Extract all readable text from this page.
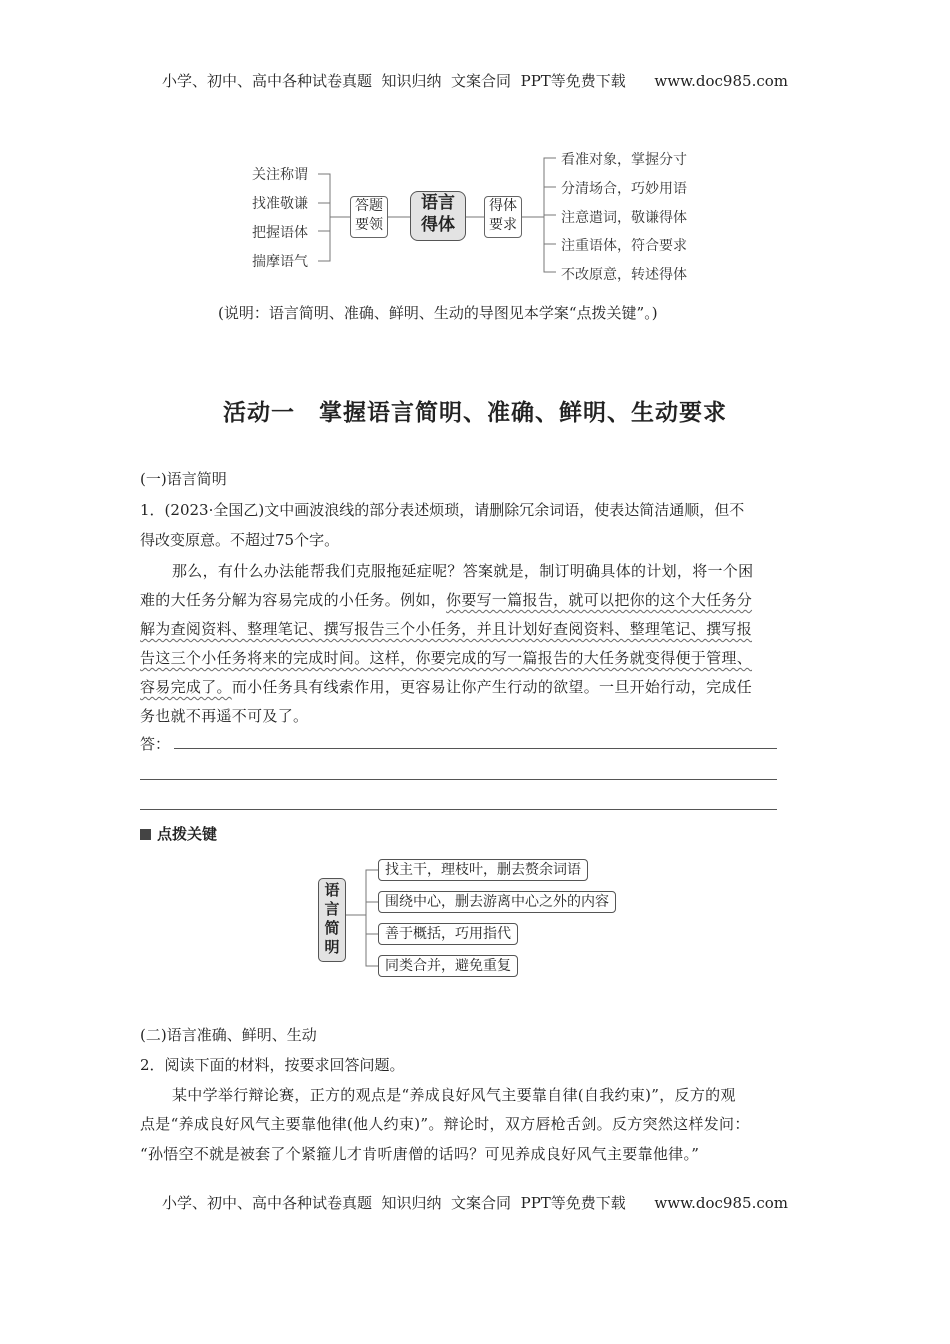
小学、初中、高中各种试卷真题  知识归纳  文案合同  PPT等免费下载      www.doc985.com
关注称谓
找准敬谦
把握语体
揣摩语气
答题
要领
语言
得体
得体
要求
看准对象，掌握分寸
分清场合，巧妙用语
注意遣词，敬谦得体
注重语体，符合要求
不改原意，转述得体
(说明：语言简明、准确、鲜明、生动的导图见本学案“点拨关键”。)
活动一　掌握语言简明、准确、鲜明、生动要求
(一)语言简明
1．(2023·全国乙)文中画波浪线的部分表述烦琐，请删除冗余词语，使表达简洁通顺，但不
得改变原意。不超过75个字。
那么，有什么办法能帮我们克服拖延症呢？答案就是，制订明确具体的计划，将一个困
难的大任务分解为容易完成的小任务。例如，你要写一篇报告，就可以把你的这个大任务分
解为查阅资料、整理笔记、撰写报告三个小任务，并且计划好查阅资料、整理笔记、撰写报
告这三个小任务将来的完成时间。这样，你要完成的写一篇报告的大任务就变得便于管理、
容易完成了。而小任务具有线索作用，更容易让你产生行动的欲望。一旦开始行动，完成任
务也就不再遥不可及了。
答：
点拨关键
语言简明
找主干，理枝叶，删去赘余词语
围绕中心，删去游离中心之外的内容
善于概括，巧用指代
同类合并，避免重复
(二)语言准确、鲜明、生动
2．阅读下面的材料，按要求回答问题。
某中学举行辩论赛，正方的观点是“养成良好风气主要靠自律(自我约束)”，反方的观
点是“养成良好风气主要靠他律(他人约束)”。辩论时，双方唇枪舌剑。反方突然这样发问：
“孙悟空不就是被套了个紧箍儿才肯听唐僧的话吗？可见养成良好风气主要靠他律。”
小学、初中、高中各种试卷真题  知识归纳  文案合同  PPT等免费下载      www.doc985.com
